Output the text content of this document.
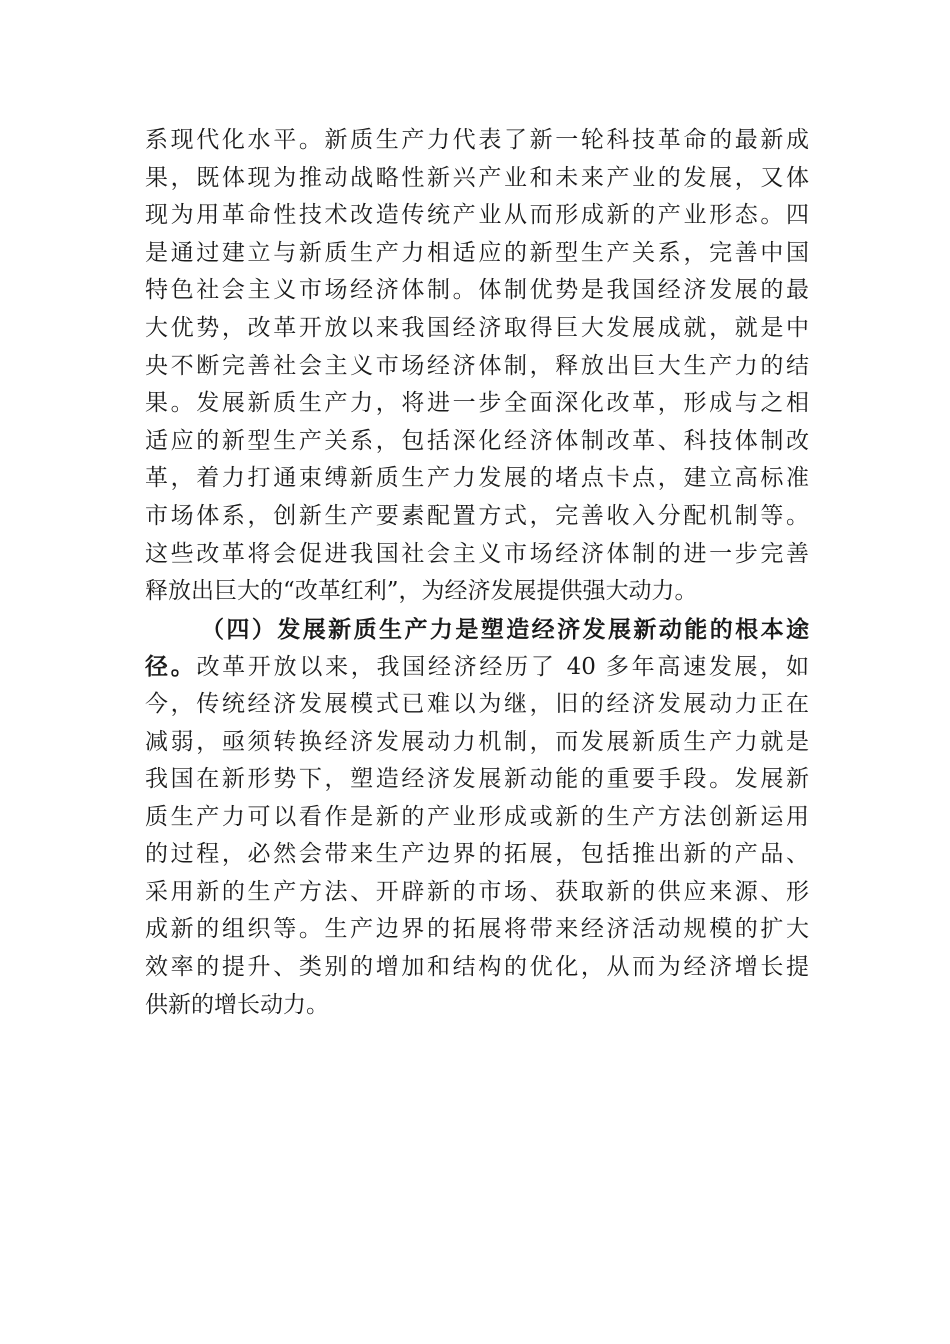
系现代化水平。新质生产力代表了新一轮科技革命的最新成
果，既体现为推动战略性新兴产业和未来产业的发展，又体
现为用革命性技术改造传统产业从而形成新的产业形态。四
是通过建立与新质生产力相适应的新型生产关系，完善中国
特色社会主义市场经济体制。体制优势是我国经济发展的最
大优势，改革开放以来我国经济取得巨大发展成就，就是中
央不断完善社会主义市场经济体制，释放出巨大生产力的结
果。发展新质生产力，将进一步全面深化改革，形成与之相
适应的新型生产关系，包括深化经济体制改革、科技体制改
革，着力打通束缚新质生产力发展的堵点卡点，建立高标准
市场体系，创新生产要素配置方式，完善收入分配机制等。
这些改革将会促进我国社会主义市场经济体制的进一步完善
释放出巨大的“改革红利”，为经济发展提供强大动力。
（四）发展新质生产力是塑造经济发展新动能的根本途
径。改革开放以来，我国经济经历了 40 多年高速发展，如
今，传统经济发展模式已难以为继，旧的经济发展动力正在
减弱，亟须转换经济发展动力机制，而发展新质生产力就是
我国在新形势下，塑造经济发展新动能的重要手段。发展新
质生产力可以看作是新的产业形成或新的生产方法创新运用
的过程，必然会带来生产边界的拓展，包括推出新的产品、
采用新的生产方法、开辟新的市场、获取新的供应来源、形
成新的组织等。生产边界的拓展将带来经济活动规模的扩大
效率的提升、类别的增加和结构的优化，从而为经济增长提
供新的增长动力。
